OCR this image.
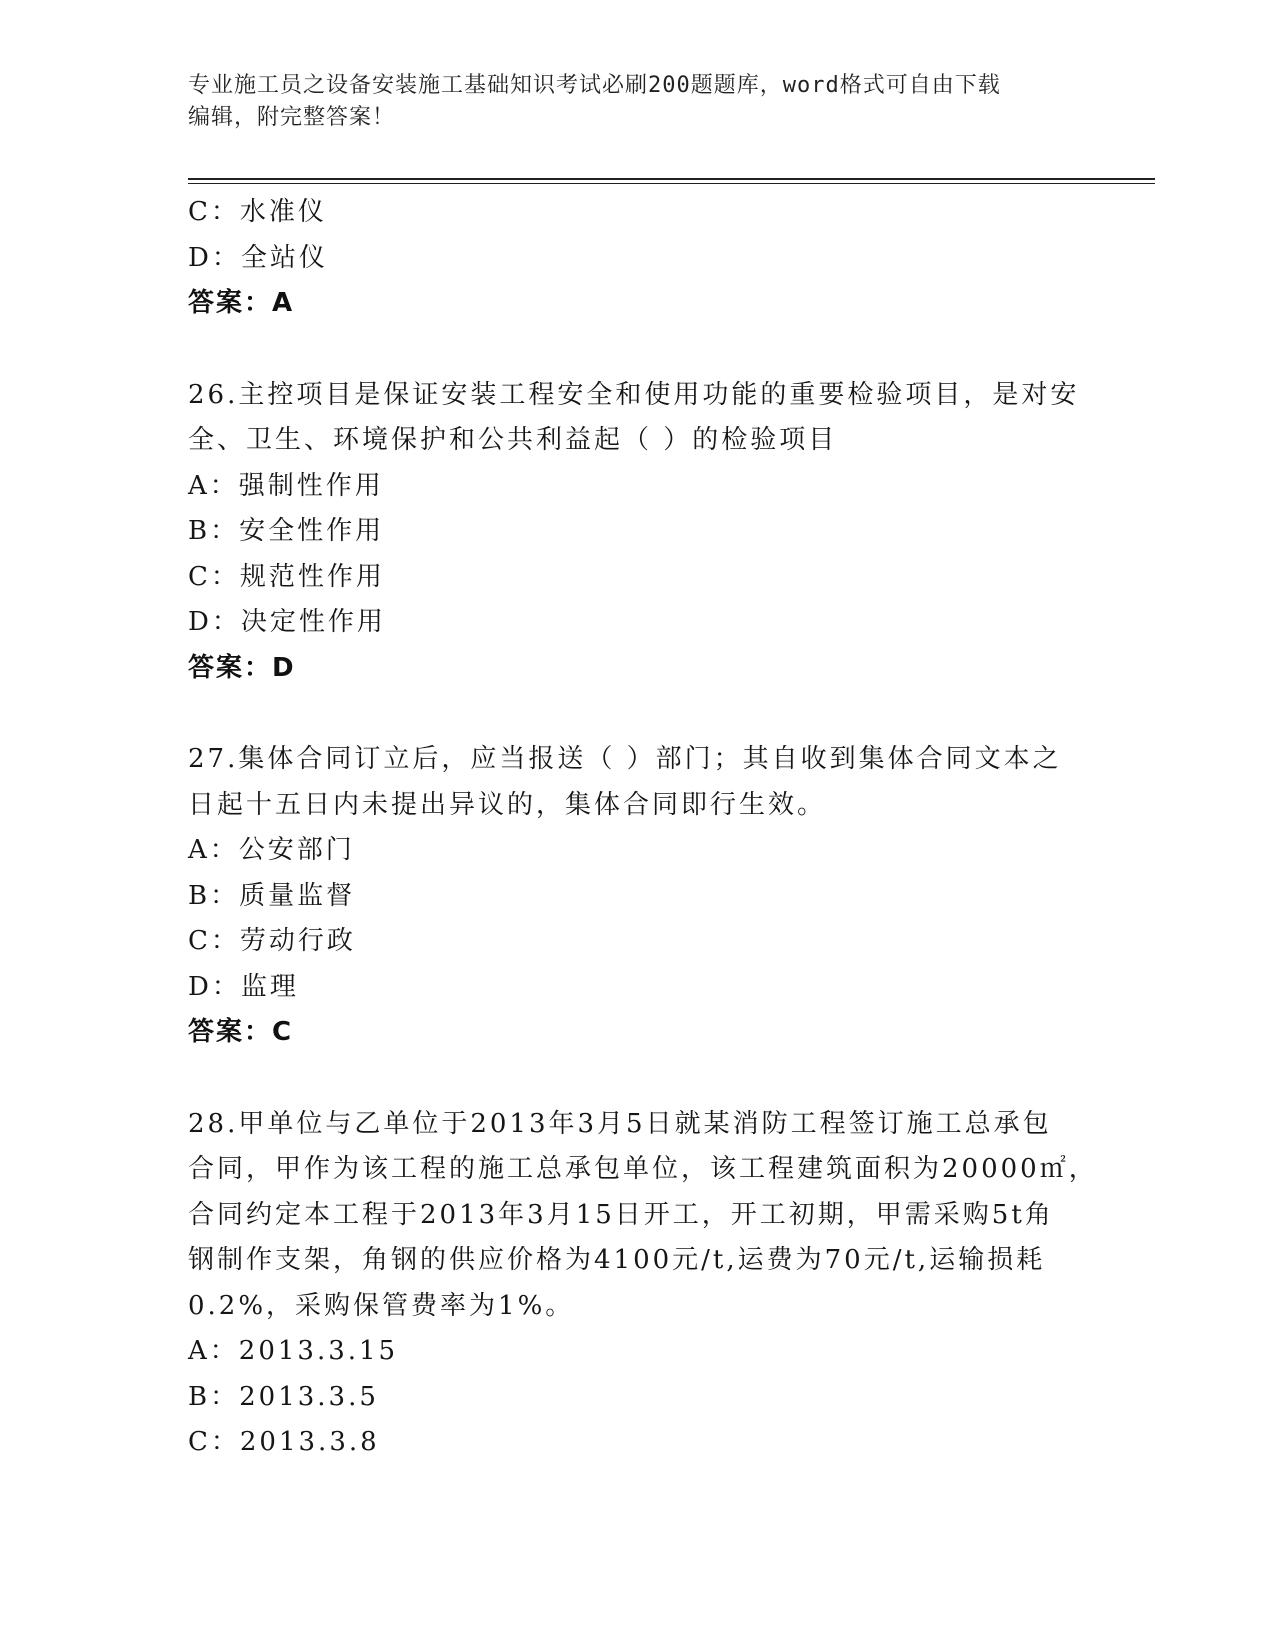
专业施工员之设备安装施工基础知识考试必刷200题题库，word格式可自由下载
编辑，附完整答案！
C：水准仪
D：全站仪
答案：A
26.主控项目是保证安装工程安全和使用功能的重要检验项目，是对安
全、卫生、环境保护和公共利益起（ ）的检验项目
A：强制性作用
B：安全性作用
C：规范性作用
D：决定性作用
答案：D
27.集体合同订立后，应当报送（ ）部门；其自收到集体合同文本之
日起十五日内未提出异议的，集体合同即行生效。
A：公安部门
B：质量监督
C：劳动行政
D：监理
答案：C
28.甲单位与乙单位于2013年3月5日就某消防工程签订施工总承包
合同，甲作为该工程的施工总承包单位，该工程建筑面积为20000㎡，
合同约定本工程于2013年3月15日开工，开工初期，甲需采购5t角
钢制作支架，角钢的供应价格为4100元/t,运费为70元/t,运输损耗
0.2%，采购保管费率为1%。
A：2013.3.15
B：2013.3.5
C：2013.3.8
